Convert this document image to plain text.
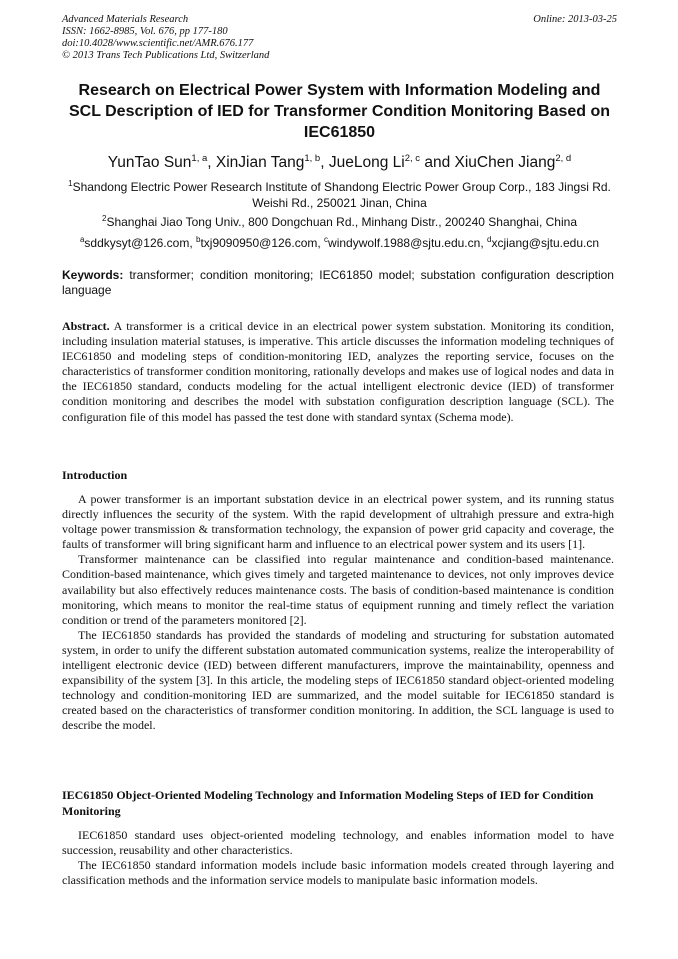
Advanced Materials Research
ISSN: 1662-8985, Vol. 676, pp 177-180
doi:10.4028/www.scientific.net/AMR.676.177
© 2013 Trans Tech Publications Ltd, Switzerland
Online: 2013-03-25
Research on Electrical Power System with Information Modeling and SCL Description of IED for Transformer Condition Monitoring Based on IEC61850
YunTao Sun$^{1, a}$, XinJian Tang$^{1, b}$, JueLong Li$^{2, c}$ and XiuChen Jiang$^{2, d}$
$^1$Shandong Electric Power Research Institute of Shandong Electric Power Group Corp., 183 Jingsi Rd. Weishi Rd., 250021 Jinan, China
$^2$Shanghai Jiao Tong Univ., 800 Dongchuan Rd., Minhang Distr., 200240 Shanghai, China
$^a$sddkysyt@126.com, $^b$txj9090950@126.com, $^c$windywolf.1988@sjtu.edu.cn, $^d$xcjiang@sjtu.edu.cn
Keywords: transformer; condition monitoring; IEC61850 model; substation configuration description language
Abstract. A transformer is a critical device in an electrical power system substation. Monitoring its condition, including insulation material statuses, is imperative. This article discusses the information modeling techniques of IEC61850 and modeling steps of condition-monitoring IED, analyzes the reporting service, focuses on the characteristics of transformer condition monitoring, rationally develops and makes use of logical nodes and data in the IEC61850 standard, conducts modeling for the actual intelligent electronic device (IED) of transformer condition monitoring and describes the model with substation configuration description language (SCL). The configuration file of this model has passed the test done with standard syntax (Schema mode).
Introduction

A power transformer is an important substation device in an electrical power system, and its running status directly influences the security of the system. With the rapid development of ultrahigh pressure and extra-high voltage power transmission & transformation technology, the expansion of power grid capacity and coverage, the faults of transformer will bring significant harm and influence to an electrical power system and its users [1].

Transformer maintenance can be classified into regular maintenance and condition-based maintenance. Condition-based maintenance, which gives timely and targeted maintenance to devices, not only improves device availability but also effectively reduces maintenance costs. The basis of condition-based maintenance is condition monitoring, which means to monitor the real-time status of equipment running and timely reflect the variation condition or trend of the parameters monitored [2].

The IEC61850 standards has provided the standards of modeling and structuring for substation automated system, in order to unify the different substation automated communication systems, realize the interoperability of intelligent electronic device (IED) between different manufacturers, improve the maintainability, openness and expansibility of the system [3]. In this article, the modeling steps of IEC61850 standard object-oriented modeling technology and condition-monitoring IED are summarized, and the model suitable for IEC61850 standard is created based on the characteristics of transformer condition monitoring. In addition, the SCL language is used to describe the model.

IEC61850 Object-Oriented Modeling Technology and Information Modeling Steps of IED for Condition Monitoring

IEC61850 standard uses object-oriented modeling technology, and enables information model to have succession, reusability and other characteristics.

The IEC61850 standard information models include basic information models created through layering and classification methods and the information service models to manipulate basic information models.
